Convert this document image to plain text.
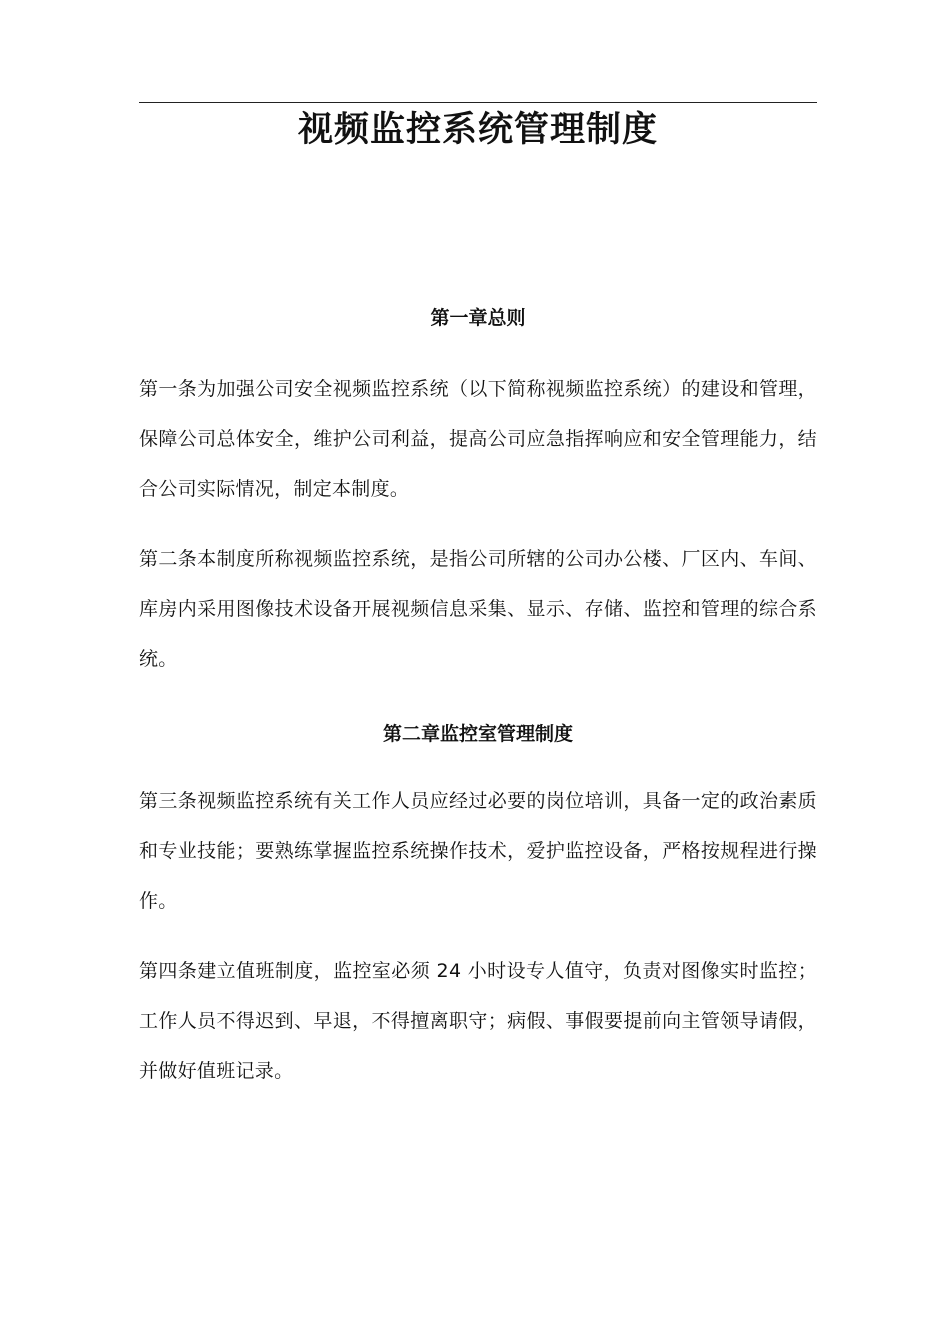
视频监控系统管理制度
第一章总则

第一条为加强公司安全视频监控系统（以下简称视频监控系统）的建设和管理，保障公司总体安全，维护公司利益，提高公司应急指挥响应和安全管理能力，结合公司实际情况，制定本制度。

第二条本制度所称视频监控系统，是指公司所辖的公司办公楼、厂区内、车间、库房内采用图像技术设备开展视频信息采集、显示、存储、监控和管理的综合系统。

第二章监控室管理制度

第三条视频监控系统有关工作人员应经过必要的岗位培训，具备一定的政治素质和专业技能；要熟练掌握监控系统操作技术，爱护监控设备，严格按规程进行操作。

第四条建立值班制度，监控室必须 24 小时设专人值守，负责对图像实时监控；工作人员不得迟到、早退，不得擅离职守；病假、事假要提前向主管领导请假，并做好值班记录。
